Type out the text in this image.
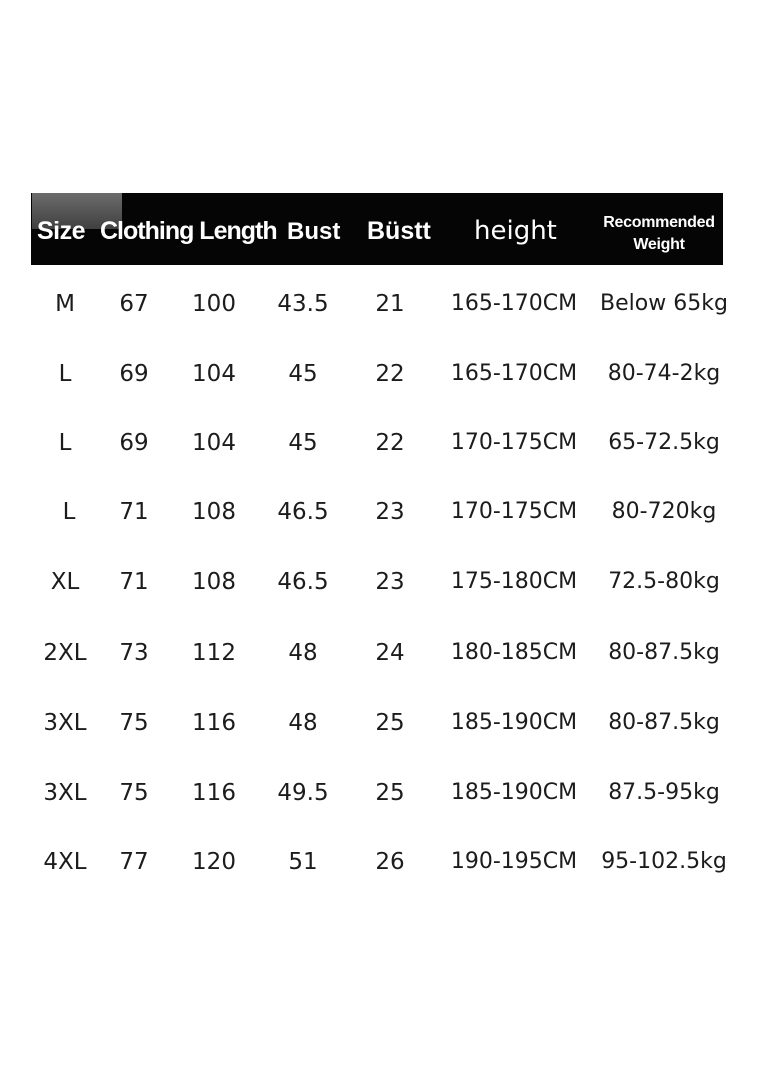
Size Clothing Length Bust Büstt height	Recommended
Weight
M	67 100 43.5 21 165-170CM Below 65kg
L	69 104	45	22 165-170CM	80-74-2kg
L	69 104	45	22 170-175CM	65-72.5kg
L	71 108 46.5 23 170-175CM	80-720kg
XL	71 108 46.5 23 175-180CM	72.5-80kg
2XL 73 112	48	24 180-185CM	80-87.5kg
3XL 75 116	48	25 185-190CM	80-87.5kg
3XL 75 116 49.5 25 185-190CM	87.5-95kg
4XL 77 120	51	26 190-195CM 95-102.5kg
